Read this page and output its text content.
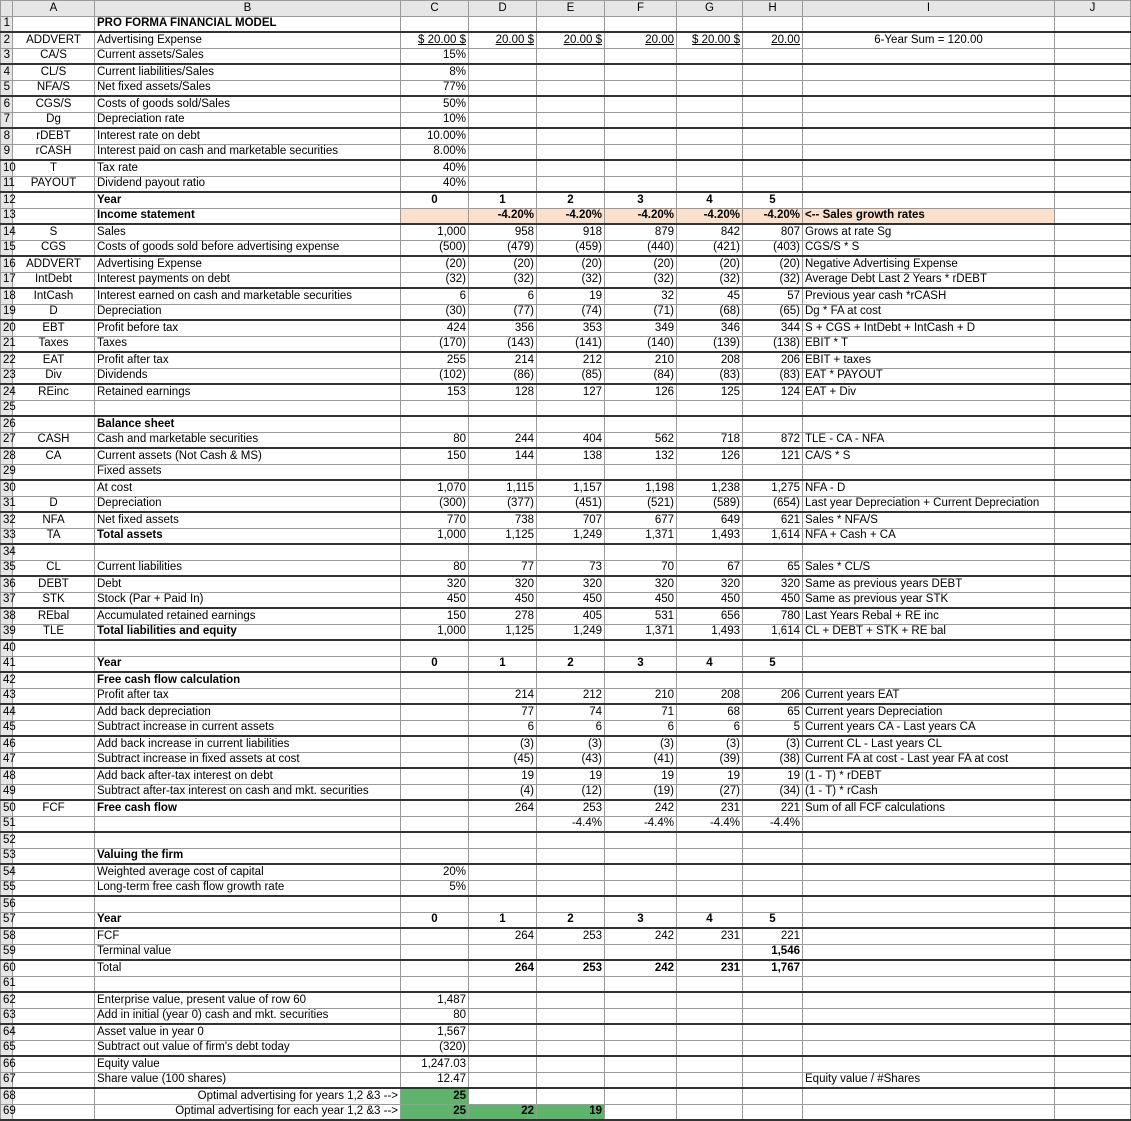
	A	B	C	D	E	F	G	H	I	J
1		PRO FORMA FINANCIAL MODEL								
2	ADDVERT	Advertising Expense	$ 20.00 $	20.00 $	20.00 $	20.00	$ 20.00 $	20.00	6-Year Sum = 120.00	
3	CA/S	Current assets/Sales	15%							
4	CL/S	Current liabilities/Sales	8%							
5	NFA/S	Net fixed assets/Sales	77%							
6	CGS/S	Costs of goods sold/Sales	50%							
7	Dg	Depreciation rate	10%							
8	rDEBT	Interest rate on debt	10.00%							
9	rCASH	Interest paid on cash and marketable securities	8.00%							
10	T	Tax rate	40%							
11	PAYOUT	Dividend payout ratio	40%							
12		Year	0	1	2	3	4	5		
13		Income statement		-4.20%	-4.20%	-4.20%	-4.20%	-4.20%	<-- Sales growth rates	
14	S	Sales	1,000	958	918	879	842	807	Grows at rate Sg	
15	CGS	Costs of goods sold before advertising expense	(500)	(479)	(459)	(440)	(421)	(403)	CGS/S * S	
16	ADDVERT	Advertising Expense	(20)	(20)	(20)	(20)	(20)	(20)	Negative Advertising Expense	
17	IntDebt	Interest payments on debt	(32)	(32)	(32)	(32)	(32)	(32)	Average Debt Last 2 Years * rDEBT	
18	IntCash	Interest earned on cash and marketable securities	6	6	19	32	45	57	Previous year cash *rCASH	
19	D	Depreciation	(30)	(77)	(74)	(71)	(68)	(65)	Dg * FA at cost	
20	EBT	Profit before tax	424	356	353	349	346	344	S + CGS + IntDebt + IntCash + D	
21	Taxes	Taxes	(170)	(143)	(141)	(140)	(139)	(138)	EBIT * T	
22	EAT	Profit after tax	255	214	212	210	208	206	EBIT + taxes	
23	Div	Dividends	(102)	(86)	(85)	(84)	(83)	(83)	EAT * PAYOUT	
24	REinc	Retained earnings	153	128	127	126	125	124	EAT + Div	
25										
26		Balance sheet								
27	CASH	Cash and marketable securities	80	244	404	562	718	872	TLE - CA - NFA	
28	CA	Current assets (Not Cash & MS)	150	144	138	132	126	121	CA/S * S	
29		Fixed assets								
30		At cost	1,070	1,115	1,157	1,198	1,238	1,275	NFA - D	
31	D	Depreciation	(300)	(377)	(451)	(521)	(589)	(654)	Last year Depreciation + Current Depreciation	
32	NFA	Net fixed assets	770	738	707	677	649	621	Sales * NFA/S	
33	TA	Total assets	1,000	1,125	1,249	1,371	1,493	1,614	NFA + Cash + CA	
34										
35	CL	Current liabilities	80	77	73	70	67	65	Sales * CL/S	
36	DEBT	Debt	320	320	320	320	320	320	Same as previous years DEBT	
37	STK	Stock (Par + Paid In)	450	450	450	450	450	450	Same as previous year STK	
38	REbal	Accumulated retained earnings	150	278	405	531	656	780	Last Years Rebal + RE inc	
39	TLE	Total liabilities and equity	1,000	1,125	1,249	1,371	1,493	1,614	CL + DEBT + STK + RE bal	
40										
41		Year	0	1	2	3	4	5		
42		Free cash flow calculation								
43		Profit after tax		214	212	210	208	206	Current years EAT	
44		Add back depreciation		77	74	71	68	65	Current years Depreciation	
45		Subtract increase in current assets		6	6	6	6	5	Current years CA - Last years CA	
46		Add back increase in current liabilities		(3)	(3)	(3)	(3)	(3)	Current CL - Last years CL	
47		Subtract increase in fixed assets at cost		(45)	(43)	(41)	(39)	(38)	Current FA at cost - Last year FA at cost	
48		Add back after-tax interest on debt		19	19	19	19	19	(1 - T) * rDEBT	
49		Subtract after-tax interest on cash and mkt. securities		(4)	(12)	(19)	(27)	(34)	(1 - T) * rCash	
50	FCF	Free cash flow		264	253	242	231	221	Sum of all FCF calculations	
51					-4.4%	-4.4%	-4.4%	-4.4%		
52										
53		Valuing the firm								
54		Weighted average cost of capital	20%							
55		Long-term free cash flow growth rate	5%							
56										
57		Year	0	1	2	3	4	5		
58		FCF		264	253	242	231	221		
59		Terminal value						1,546		
60		Total		264	253	242	231	1,767		
61										
62		Enterprise value, present value of row 60	1,487							
63		Add in initial (year 0) cash and mkt. securities	80							
64		Asset value in year 0	1,567							
65		Subtract out value of firm's debt today	(320)							
66		Equity value	1,247.03							
67		Share value (100 shares)	12.47						Equity value / #Shares	
68		Optimal advertising for years 1,2 &3 -->	25							
69		Optimal advertising for each year 1,2 &3 -->	25	22	19					
